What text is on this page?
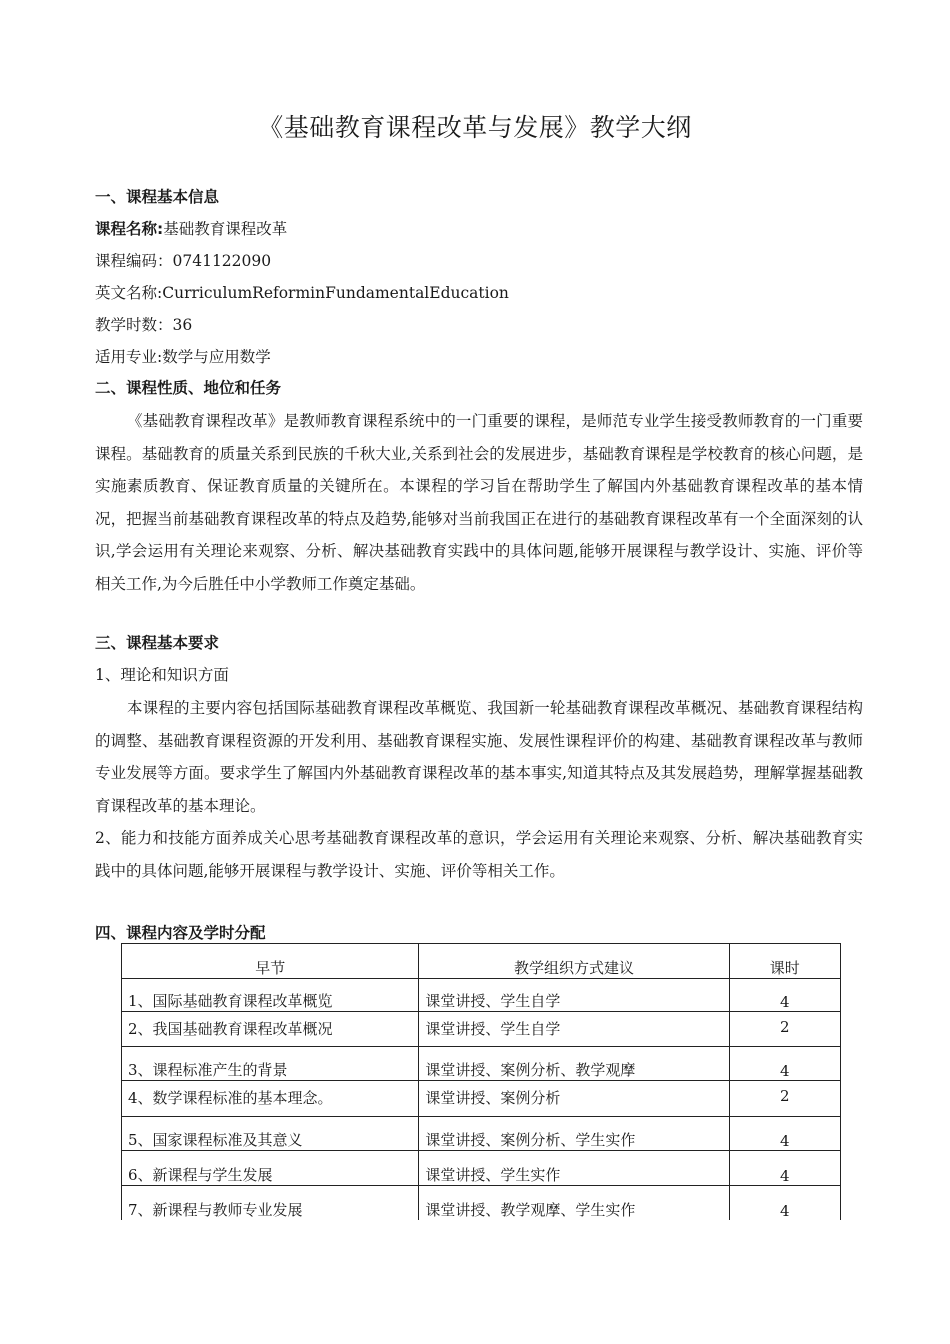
《基础教育课程改革与发展》教学大纲
一、课程基本信息
课程名称:基础教育课程改革
课程编码：0741122090
英文名称:CurriculumReforminFundamentalEducation
教学时数：36
适用专业:数学与应用数学
二、课程性质、地位和任务

《基础教育课程改革》是教师教育课程系统中的一门重要的课程，是师范专业学生接受教师教育的一门重要课程。基础教育的质量关系到民族的千秋大业,关系到社会的发展进步，基础教育课程是学校教育的核心问题，是实施素质教育、保证教育质量的关键所在。本课程的学习旨在帮助学生了解国内外基础教育课程改革的基本情况，把握当前基础教育课程改革的特点及趋势,能够对当前我国正在进行的基础教育课程改革有一个全面深刻的认识,学会运用有关理论来观察、分析、解决基础教育实践中的具体问题,能够开展课程与教学设计、实施、评价等相关工作,为今后胜任中小学教师工作奠定基础。

三、课程基本要求
1、理论和知识方面

本课程的主要内容包括国际基础教育课程改革概览、我国新一轮基础教育课程改革概况、基础教育课程结构的调整、基础教育课程资源的开发利用、基础教育课程实施、发展性课程评价的构建、基础教育课程改革与教师专业发展等方面。要求学生了解国内外基础教育课程改革的基本事实,知道其特点及其发展趋势，理解掌握基础教育课程改革的基本理论。

2、能力和技能方面养成关心思考基础教育课程改革的意识，学会运用有关理论来观察、分析、解决基础教育实践中的具体问题,能够开展课程与教学设计、实施、评价等相关工作。

四、课程内容及学时分配
早节	教学组织方式建议	课时
1、国际基础教育课程改革概览	课堂讲授、学生自学	4
2、我国基础教育课程改革概况	课堂讲授、学生自学	2
3、课程标准产生的背景	课堂讲授、案例分析、教学观摩	4
4、数学课程标准的基本理念。	课堂讲授、案例分析	2
5、国家课程标准及其意义	课堂讲授、案例分析、学生实作	4
6、新课程与学生发展	课堂讲授、学生实作	4
7、新课程与教师专业发展	课堂讲授、教学观摩、学生实作	4
